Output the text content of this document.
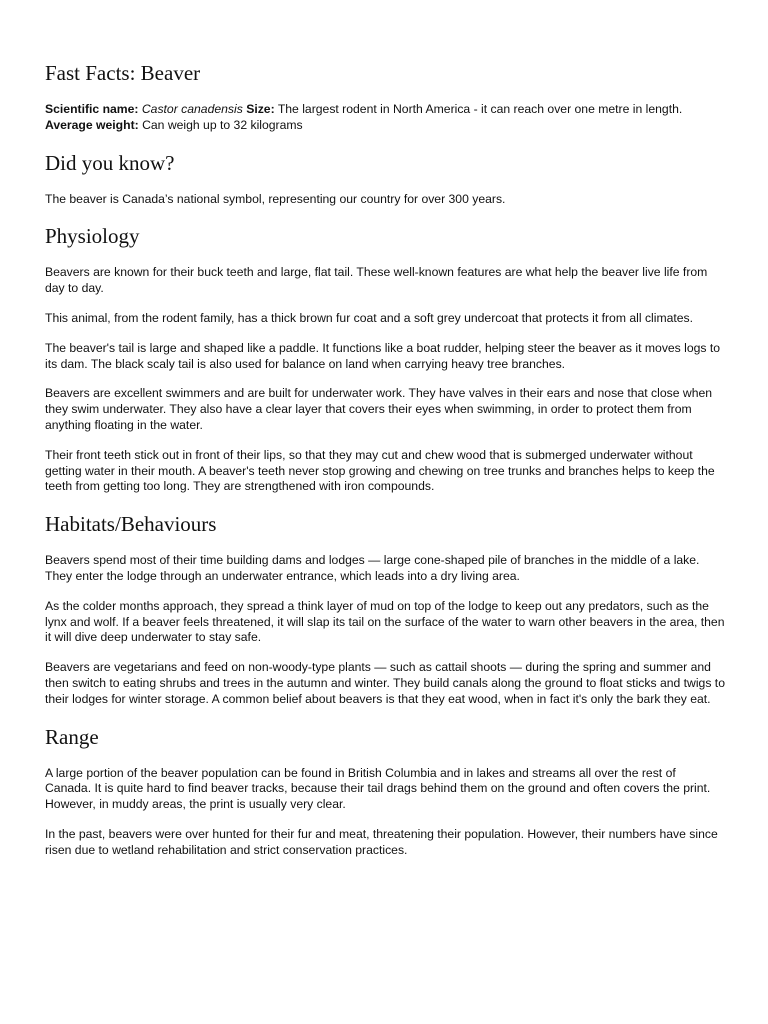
Fast Facts: Beaver

Scientific name: Castor canadensis Size: The largest rodent in North America - it can reach over one metre in length.

Average weight: Can weigh up to 32 kilograms

Did you know?

The beaver is Canada’s national symbol, representing our country for over 300 years.

Physiology

Beavers are known for their buck teeth and large, flat tail. These well-known features are what help the beaver live life from day to day.

This animal, from the rodent family, has a thick brown fur coat and a soft grey undercoat that protects it from all climates.

The beaver's tail is large and shaped like a paddle. It functions like a boat rudder, helping steer the beaver as it moves logs to its dam. The black scaly tail is also used for balance on land when carrying heavy tree branches.

Beavers are excellent swimmers and are built for underwater work. They have valves in their ears and nose that close when they swim underwater. They also have a clear layer that covers their eyes when swimming, in order to protect them from anything floating in the water.

Their front teeth stick out in front of their lips, so that they may cut and chew wood that is submerged underwater without getting water in their mouth. A beaver's teeth never stop growing and chewing on tree trunks and branches helps to keep the teeth from getting too long. They are strengthened with iron compounds.

Habitats/Behaviours

Beavers spend most of their time building dams and lodges — large cone-shaped pile of branches in the middle of a lake. They enter the lodge through an underwater entrance, which leads into a dry living area.

As the colder months approach, they spread a think layer of mud on top of the lodge to keep out any predators, such as the lynx and wolf. If a beaver feels threatened, it will slap its tail on the surface of the water to warn other beavers in the area, then it will dive deep underwater to stay safe.

Beavers are vegetarians and feed on non-woody-type plants — such as cattail shoots — during the spring and summer and then switch to eating shrubs and trees in the autumn and winter. They build canals along the ground to float sticks and twigs to their lodges for winter storage. A common belief about beavers is that they eat wood, when in fact it's only the bark they eat.

Range

A large portion of the beaver population can be found in British Columbia and in lakes and streams all over the rest of Canada. It is quite hard to find beaver tracks, because their tail drags behind them on the ground and often covers the print. However, in muddy areas, the print is usually very clear.

In the past, beavers were over hunted for their fur and meat, threatening their population. However, their numbers have since risen due to wetland rehabilitation and strict conservation practices.
